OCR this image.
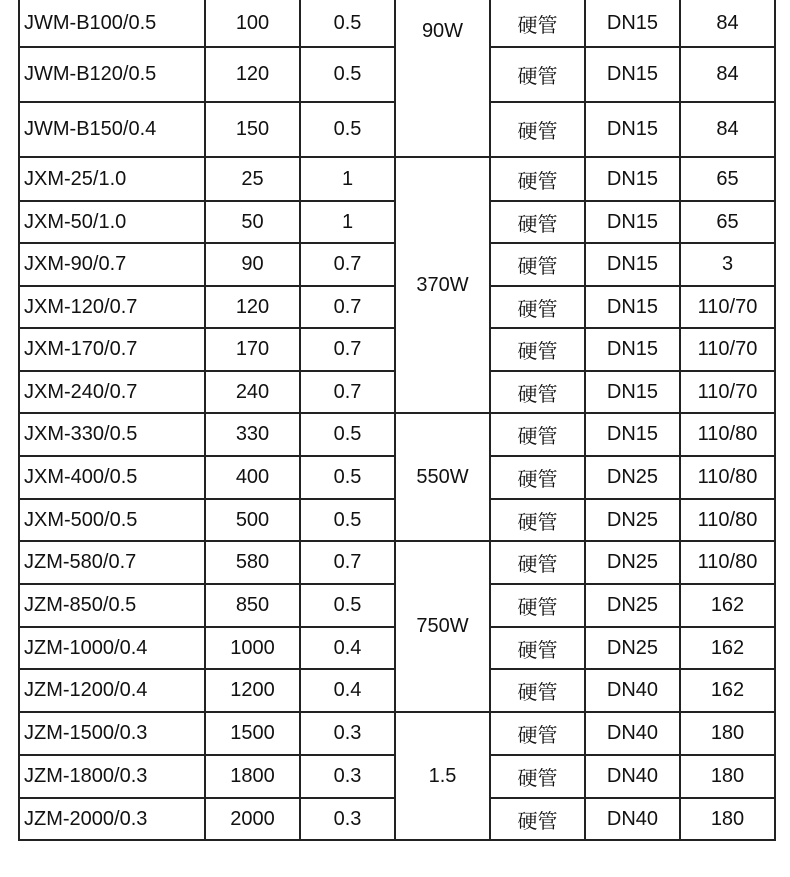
JWM-B100/0.5	100	0.5	90W	硬管	DN15	84
JWM-B120/0.5	120	0.5		硬管	DN15	84
JWM-B150/0.4	150	0.5		硬管	DN15	84
JXM-25/1.0	25	1	370W	硬管	DN15	65
JXM-50/1.0	50	1		硬管	DN15	65
JXM-90/0.7	90	0.7		硬管	DN15	3
JXM-120/0.7	120	0.7		硬管	DN15	110/70
JXM-170/0.7	170	0.7		硬管	DN15	110/70
JXM-240/0.7	240	0.7		硬管	DN15	110/70
JXM-330/0.5	330	0.5	550W	硬管	DN15	110/80
JXM-400/0.5	400	0.5		硬管	DN25	110/80
JXM-500/0.5	500	0.5		硬管	DN25	110/80
JZM-580/0.7	580	0.7	750W	硬管	DN25	110/80
JZM-850/0.5	850	0.5		硬管	DN25	162
JZM-1000/0.4	1000	0.4		硬管	DN25	162
JZM-1200/0.4	1200	0.4		硬管	DN40	162
JZM-1500/0.3	1500	0.3	1.5	硬管	DN40	180
JZM-1800/0.3	1800	0.3		硬管	DN40	180
JZM-2000/0.3	2000	0.3		硬管	DN40	180
